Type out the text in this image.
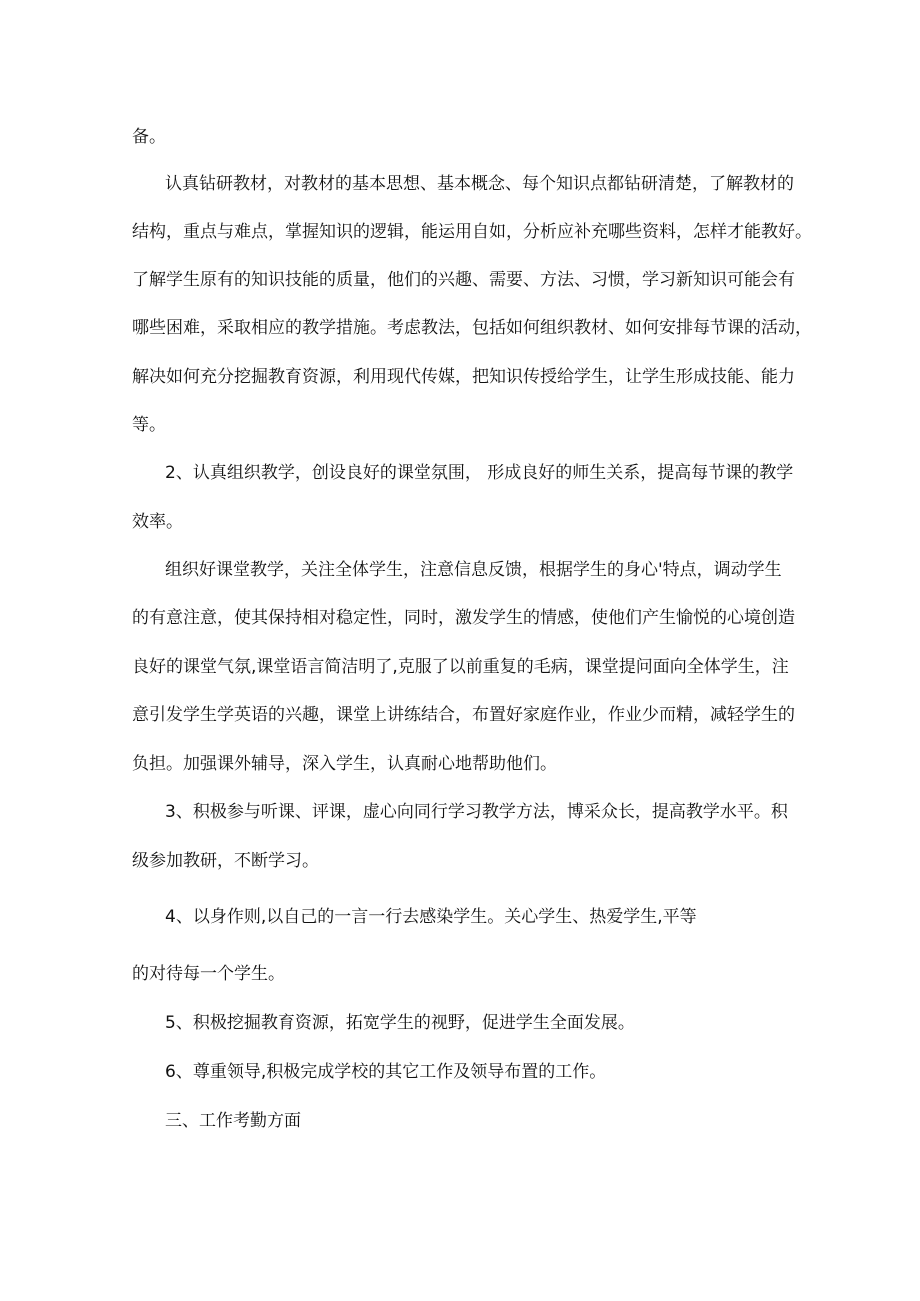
备。
认真钻研教材，对教材的基本思想、基本概念、每个知识点都钻研清楚，了解教材的
结构，重点与难点，掌握知识的逻辑，能运用自如，分析应补充哪些资料，怎样才能教好。
了解学生原有的知识技能的质量，他们的兴趣、需要、方法、习惯，学习新知识可能会有
哪些困难，采取相应的教学措施。考虑教法，包括如何组织教材、如何安排每节课的活动，
解决如何充分挖掘教育资源，利用现代传媒，把知识传授给学生，让学生形成技能、能力
等。
2、认真组织教学，创设良好的课堂氛围， 形成良好的师生关系，提高每节课的教学
效率。
组织好课堂教学，关注全体学生，注意信息反馈，根据学生的身心'特点，调动学生
的有意注意，使其保持相对稳定性，同时，激发学生的情感，使他们产生愉悦的心境创造
良好的课堂气氛,课堂语言简洁明了,克服了以前重复的毛病，课堂提问面向全体学生，注
意引发学生学英语的兴趣，课堂上讲练结合，布置好家庭作业，作业少而精，减轻学生的
负担。加强课外辅导，深入学生，认真耐心地帮助他们。
3、积极参与听课、评课，虚心向同行学习教学方法，博采众长，提高教学水平。积
级参加教研，不断学习。
4、以身作则,以自己的一言一行去感染学生。关心学生、热爱学生,平等
的对待每一个学生。
5、积极挖掘教育资源，拓宽学生的视野，促进学生全面发展。
6、尊重领导,积极完成学校的其它工作及领导布置的工作。
三、工作考勤方面
